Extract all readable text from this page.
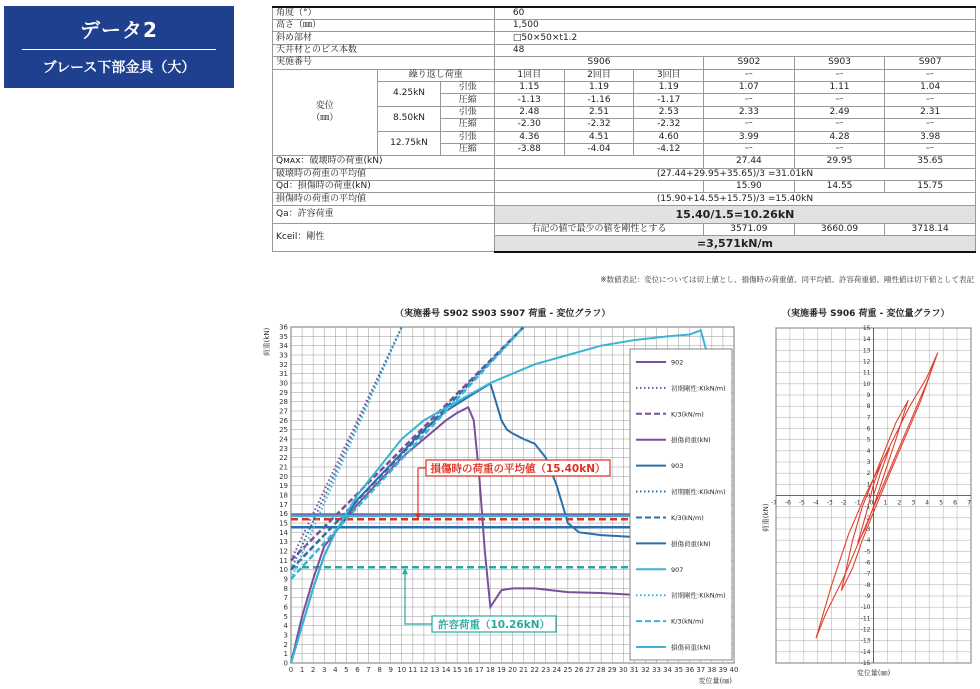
データ2
ブレース下部金具（大）
角度（°）			60					
高さ（㎜）			1,500					
斜め部材			□50×50×t1.2					
天井材とのビス本数			48					
実施番号			S906			S902	S903	S907

変位
（㎜）	繰り返し荷重		1回目	2回目	3回目	ー	ー	ー
	4.25kN	引張	1.15	1.19	1.19	1.07	1.11	1.04
		圧縮	-1.13	-1.16	-1.17	ー	ー	ー
	8.50kN	引張	2.48	2.51	2.53	2.33	2.49	2.31
		圧縮	-2.30	-2.32	-2.32	ー	ー	ー
	12.75kN	引張	4.36	4.51	4.60	3.99	4.28	3.98
		圧縮	-3.88	-4.04	-4.12	ー	ー	ー
Qᴍᴀx：破壊時の荷重(kN)						27.44	29.95	35.65
破壊時の荷重の平均値			(27.44+29.95+35.65)/3 =31.01kN					
Qd：損傷時の荷重(kN)						15.90	14.55	15.75
損傷時の荷重の平均値			(15.90+14.55+15.75)/3 =15.40kN					
Qa：許容荷重			15.40/1.5=10.26kN					
Kceil：剛性			右記の値で最少の値を剛性とする			3571.09	3660.09	3718.14
			=3,571kN/m					
※数値表記：変位については切上値とし、損傷時の荷重値、同平均値、許容荷重値、剛性値は切下値として表記
（実施番号 S902 S903 S907 荷重 - 変位グラフ）	（実施番号 S906 荷重 - 変位量グラフ）
0 1 2 3 4 5 6 7 8 9 10 11 12 13 14 15 16 17 18 19 20 21 22 23 24 25 26 27 28 29 30 31 32 33 34 35 36 37 38 39 40
0
1
2
3
4
5
6
7
8
9
10
11
12
13
14
15
16
17
18
19
20
21
22
23
24
25
26
27
28
29
30
31
32
33
34
35
36
変位量(㎜)
荷重(kN)
902
初期剛性:K(kN/m)
K/3(kN/m)
損傷荷重(kN)
903
初期剛性:K(kN/m)
K/3(kN/m)
損傷荷重(kN)
907
初期剛性:K(kN/m)
K/3(kN/m)
損傷荷重(kN)
損傷時の荷重の平均値（15.40kN）
許容荷重（10.26kN）
-7 -6 -5 -4 -3 -2 -1 0 1 2 3 4 5 6 7
-15
-14
-13
-12
-11
-10
-9
-8
-7
-6
-5
-4
-3
-2
-1
0
1
2
3
4
5
6
7
8
9
10
11
12
13
14
15
変位量(㎜)
荷重(kN)
